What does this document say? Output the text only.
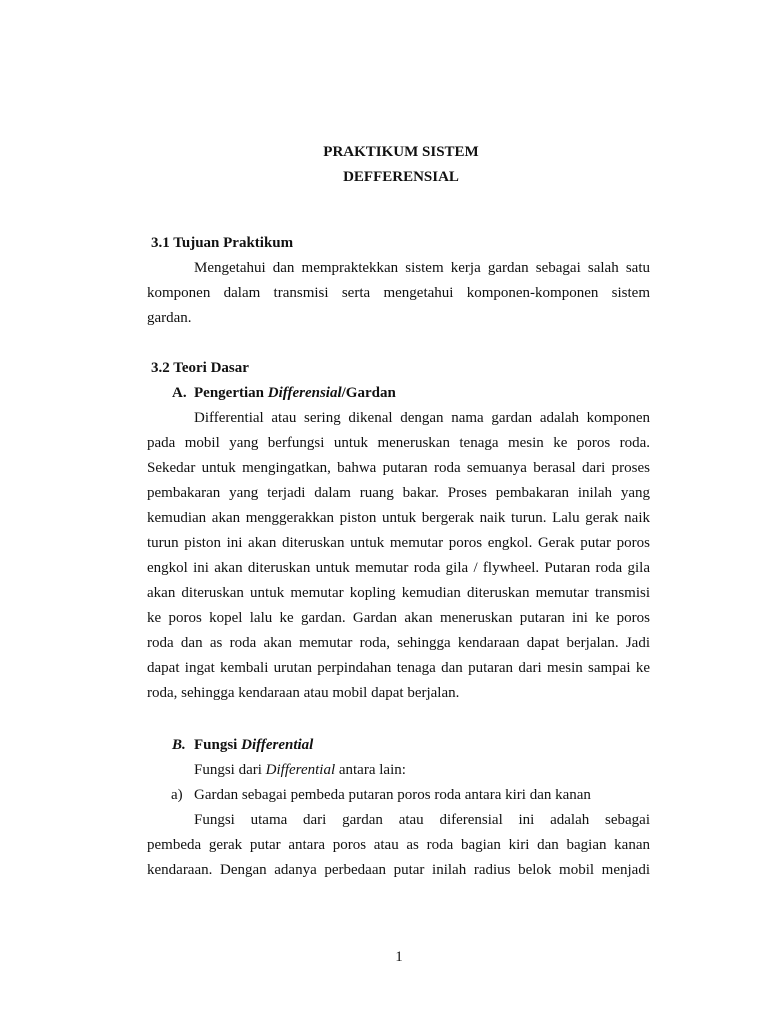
PRAKTIKUM SISTEM
DEFFERENSIAL
3.1 Tujuan Praktikum
Mengetahui dan mempraktekkan sistem kerja gardan sebagai salah satu
komponen dalam transmisi serta mengetahui komponen-komponen sistem
gardan.
3.2 Teori Dasar
A. Pengertian Differensial/Gardan
Differential atau sering dikenal dengan nama gardan adalah komponen
pada mobil yang berfungsi untuk meneruskan tenaga mesin ke poros roda.
Sekedar untuk mengingatkan, bahwa putaran roda semuanya berasal dari proses
pembakaran yang terjadi dalam ruang bakar. Proses pembakaran inilah yang
kemudian akan menggerakkan piston untuk bergerak naik turun. Lalu gerak naik
turun piston ini akan diteruskan untuk memutar poros engkol. Gerak putar poros
engkol ini akan diteruskan untuk memutar roda gila / flywheel. Putaran roda gila
akan diteruskan untuk memutar kopling kemudian diteruskan memutar transmisi
ke poros kopel lalu ke gardan. Gardan akan meneruskan putaran ini ke poros
roda dan as roda akan memutar roda, sehingga kendaraan dapat berjalan. Jadi
dapat ingat kembali urutan perpindahan tenaga dan putaran dari mesin sampai ke
roda, sehingga kendaraan atau mobil dapat berjalan.
B. Fungsi Differential
Fungsi dari Differential antara lain:
a) Gardan sebagai pembeda putaran poros roda antara kiri dan kanan
Fungsi utama dari gardan atau diferensial ini adalah sebagai
pembeda gerak putar antara poros atau as roda bagian kiri dan bagian kanan
kendaraan. Dengan adanya perbedaan putar inilah radius belok mobil menjadi
1
